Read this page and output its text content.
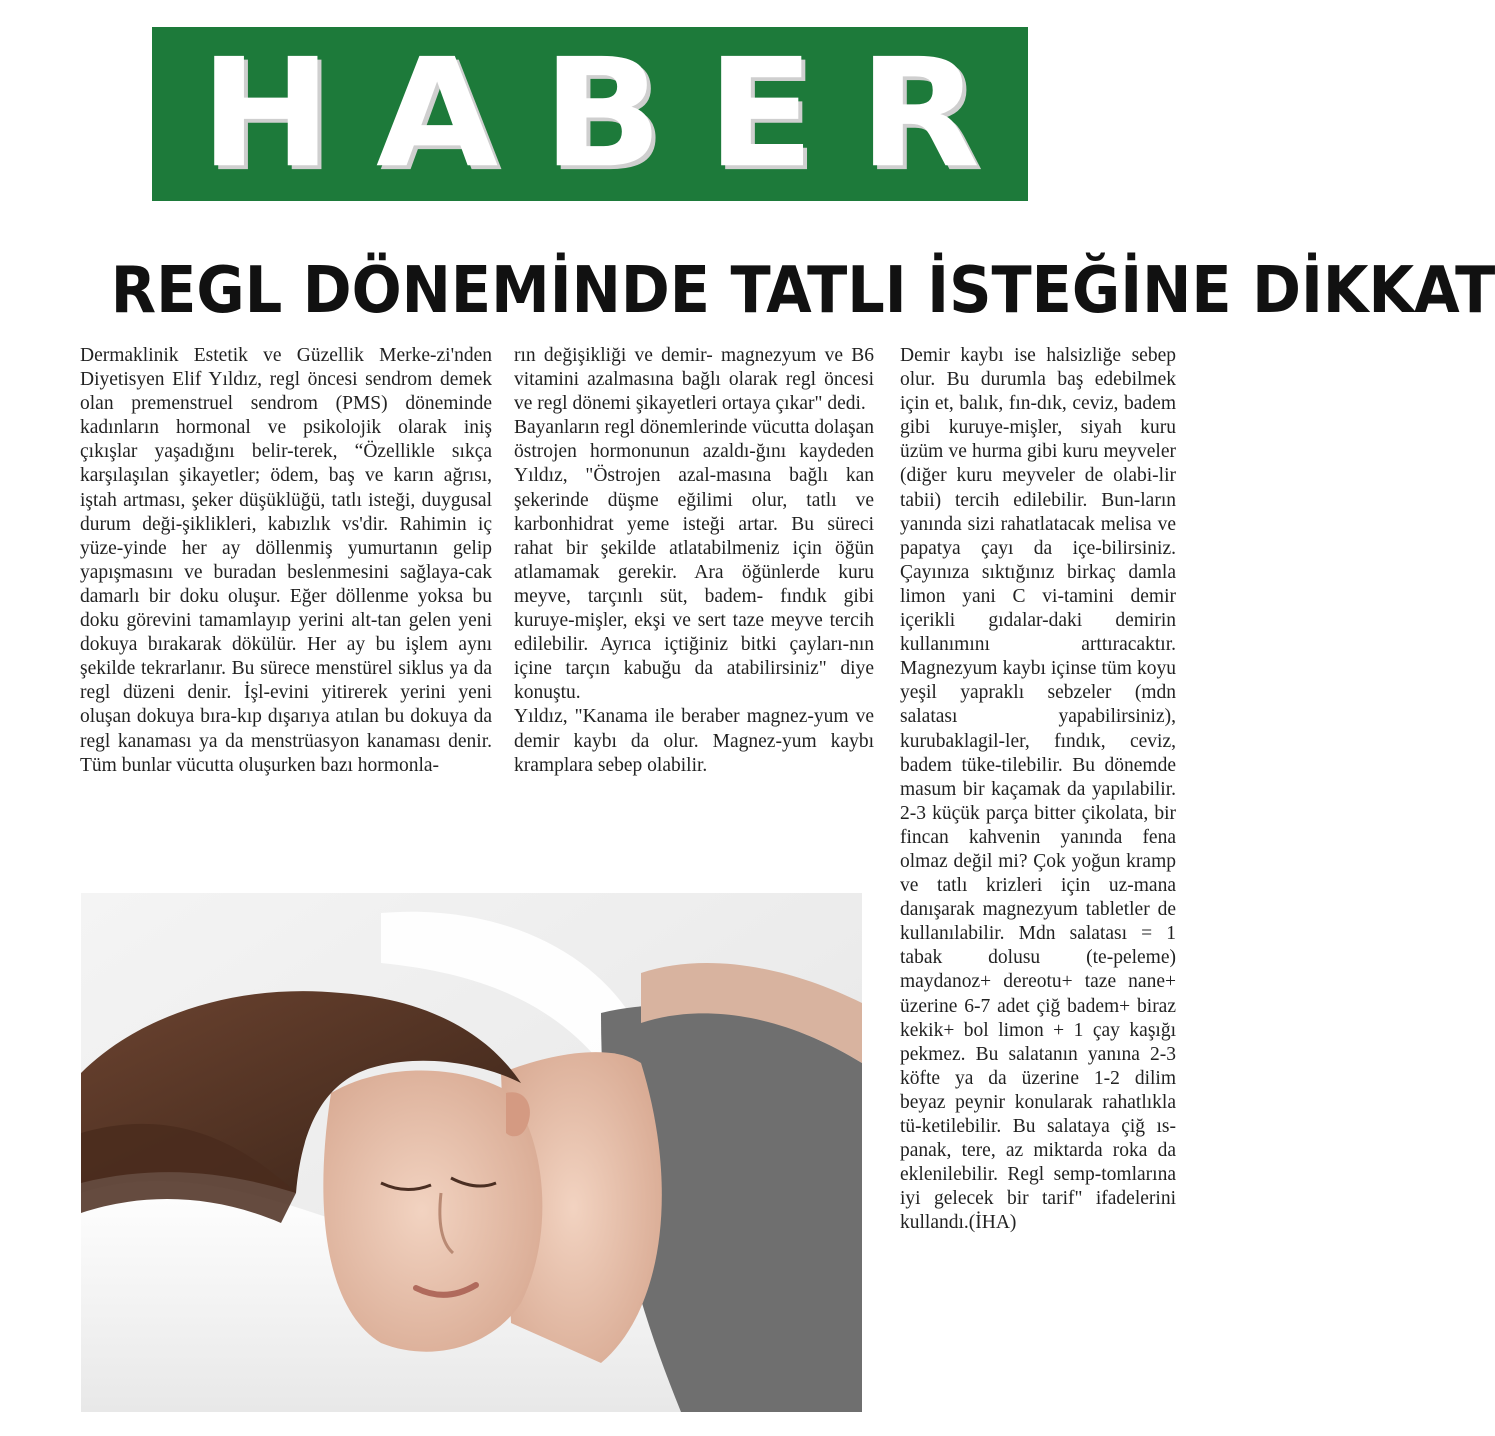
HABER
REGL DÖNEMİNDE TATLI İSTEĞİNE DİKKAT

Dermaklinik Estetik ve Güzellik Merke-zi'nden Diyetisyen Elif Yıldız, regl öncesi sendrom demek olan premenstruel sendrom (PMS) döneminde kadınların hormonal ve psikolojik olarak iniş çıkışlar yaşadığını belir-terek, “Özellikle sıkça karşılaşılan şikayetler; ödem, baş ve karın ağrısı, iştah artması, şeker düşüklüğü, tatlı isteği, duygusal durum deği-şiklikleri, kabızlık vs'dir. Rahimin iç yüze-yinde her ay döllenmiş yumurtanın gelip yapışmasını ve buradan beslenmesini sağlaya-cak damarlı bir doku oluşur. Eğer döllenme yoksa bu doku görevini tamamlayıp yerini alt-tan gelen yeni dokuya bırakarak dökülür. Her ay bu işlem aynı şekilde tekrarlanır. Bu sürece menstürel siklus ya da regl düzeni denir. İşl-evini yitirerek yerini yeni oluşan dokuya bıra-kıp dışarıya atılan bu dokuya da regl kanaması ya da menstrüasyon kanaması denir. Tüm bunlar vücutta oluşurken bazı hormonla-

rın değişikliği ve demir- magnezyum ve B6 vitamini azalmasına bağlı olarak regl öncesi ve regl dönemi şikayetleri ortaya çıkar" dedi.

Bayanların regl dönemlerinde vücutta dolaşan östrojen hormonunun azaldı-ğını kaydeden Yıldız, "Östrojen azal-masına bağlı kan şekerinde düşme eğilimi olur, tatlı ve karbonhidrat yeme isteği artar. Bu süreci rahat bir şekilde atlatabilmeniz için öğün atlamamak gerekir. Ara öğünlerde kuru meyve, tarçınlı süt, badem- fındık gibi kuruye-mişler, ekşi ve sert taze meyve tercih edilebilir. Ayrıca içtiğiniz bitki çayları-nın içine tarçın kabuğu da atabilirsiniz" diye konuştu.

Yıldız, "Kanama ile beraber magnez-yum ve demir kaybı da olur. Magnez-yum kaybı kramplara sebep olabilir.

Demir kaybı ise halsizliğe sebep olur. Bu durumla baş edebilmek için et, balık, fın-dık, ceviz, badem gibi kuruye-mişler, siyah kuru üzüm ve hurma gibi kuru meyveler (diğer kuru meyveler de olabi-lir tabii) tercih edilebilir. Bun-ların yanında sizi rahatlatacak melisa ve papatya çayı da içe-bilirsiniz. Çayınıza sıktığınız birkaç damla limon yani C vi-tamini demir içerikli gıdalar-daki demirin kullanımını arttıracaktır. Magnezyum kaybı içinse tüm koyu yeşil yapraklı sebzeler (mdn salatası yapabilirsiniz), kurubaklagil-ler, fındık, ceviz, badem tüke-tilebilir. Bu dönemde masum bir kaçamak da yapılabilir. 2-3 küçük parça bitter çikolata, bir fincan kahvenin yanında fena olmaz değil mi? Çok yoğun kramp ve tatlı krizleri için uz-mana danışarak magnezyum tabletler de kullanılabilir. Mdn salatası = 1 tabak dolusu (te-peleme) maydanoz+ dereotu+ taze nane+ üzerine 6-7 adet çiğ badem+ biraz kekik+ bol limon + 1 çay kaşığı pekmez. Bu salatanın yanına 2-3 köfte ya da üzerine 1-2 dilim beyaz peynir konularak rahatlıkla tü-ketilebilir. Bu salataya çiğ ıs-panak, tere, az miktarda roka da eklenilebilir. Regl semp-tomlarına iyi gelecek bir tarif" ifadelerini kullandı.(İHA)
